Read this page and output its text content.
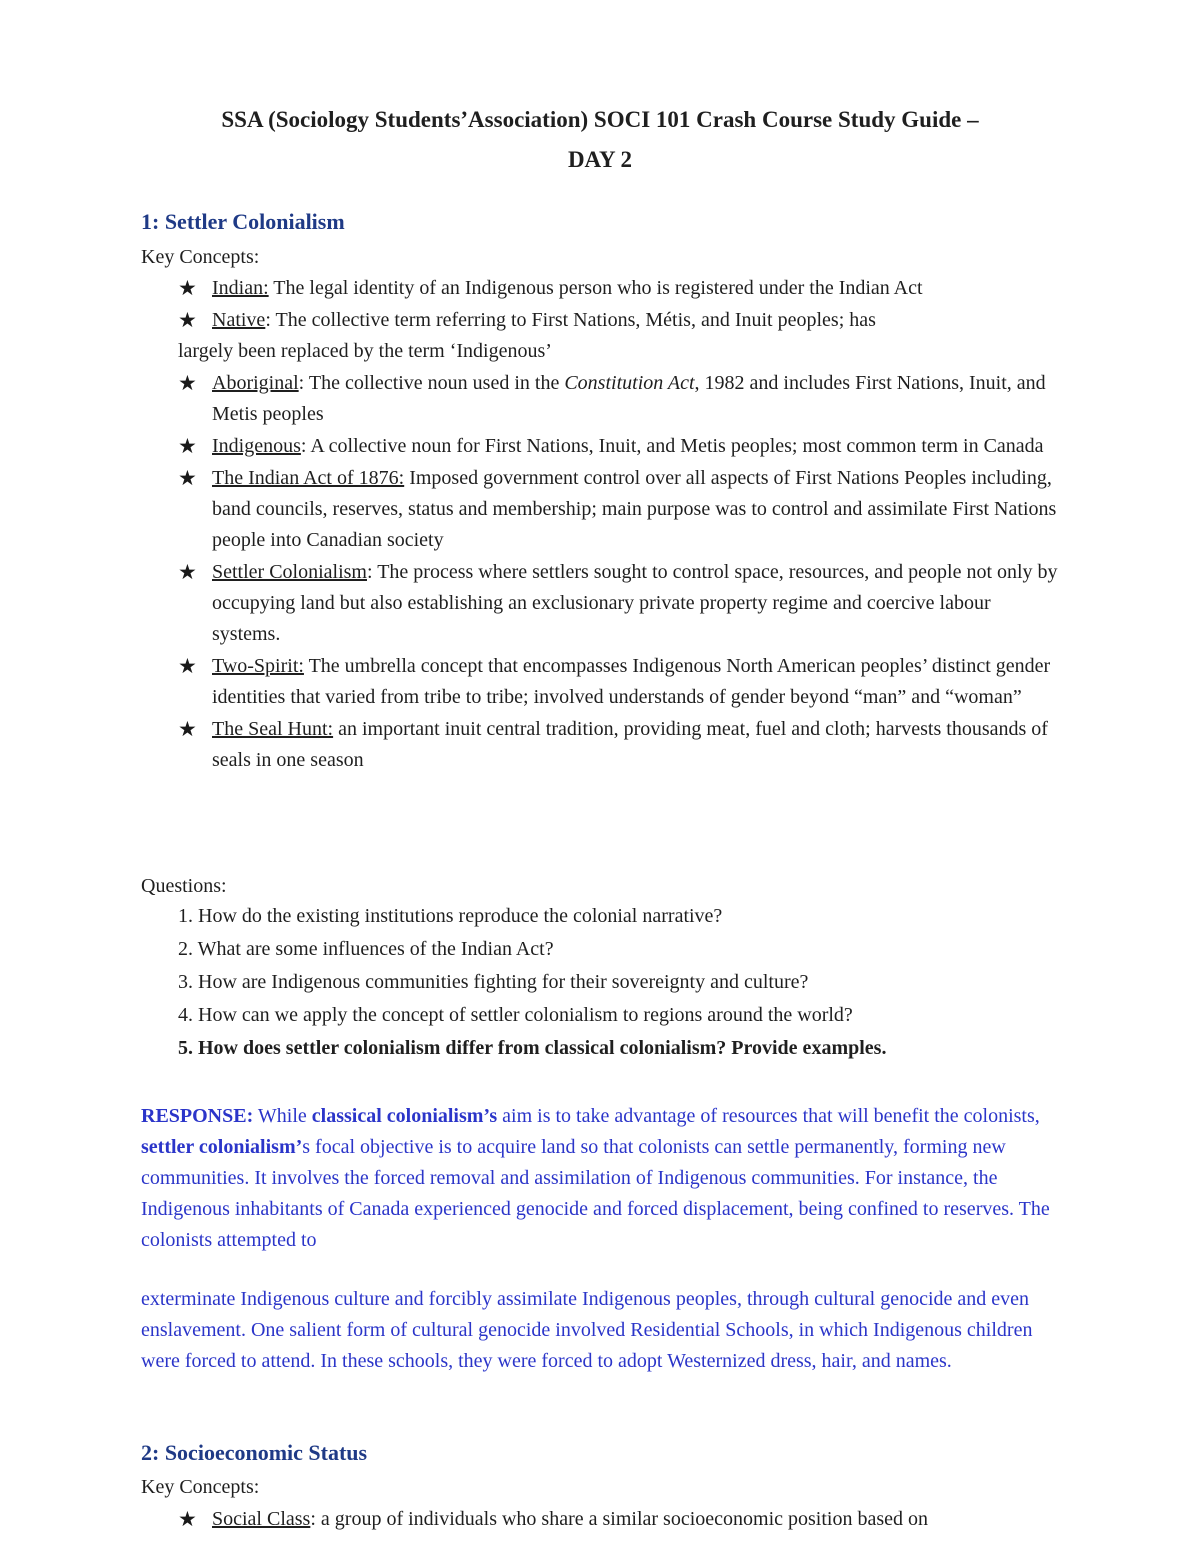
SSA (Sociology Students’Association) SOCI 101 Crash Course Study Guide –
DAY 2
1: Settler Colonialism

Key Concepts:

★ Indian: The legal identity of an Indigenous person who is registered under the Indian Act
★ Native: The collective term referring to First Nations, Métis, and Inuit peoples; has
largely been replaced by the term ‘Indigenous’
★ Aboriginal: The collective noun used in the Constitution Act, 1982 and includes First Nations, Inuit, and Metis peoples
★ Indigenous: A collective noun for First Nations, Inuit, and Metis peoples; most common term in Canada
★ The Indian Act of 1876: Imposed government control over all aspects of First Nations Peoples including, band councils, reserves, status and membership; main purpose was to control and assimilate First Nations people into Canadian society
★ Settler Colonialism: The process where settlers sought to control space, resources, and people not only by occupying land but also establishing an exclusionary private property regime and coercive labour systems.
★ Two-Spirit: The umbrella concept that encompasses Indigenous North American peoples’ distinct gender identities that varied from tribe to tribe; involved understands of gender beyond “man” and “woman”
★ The Seal Hunt: an important inuit central tradition, providing meat, fuel and cloth; harvests thousands of seals in one season

Questions:

1. How do the existing institutions reproduce the colonial narrative?
2. What are some influences of the Indian Act?
3. How are Indigenous communities fighting for their sovereignty and culture?
4. How can we apply the concept of settler colonialism to regions around the world?
5. How does settler colonialism differ from classical colonialism? Provide examples.

RESPONSE: While classical colonialism’s aim is to take advantage of resources that will benefit the colonists, settler colonialism’s focal objective is to acquire land so that colonists can settle permanently, forming new communities. It involves the forced removal and assimilation of Indigenous communities. For instance, the Indigenous inhabitants of Canada experienced genocide and forced displacement, being confined to reserves. The colonists attempted to

exterminate Indigenous culture and forcibly assimilate Indigenous peoples, through cultural genocide and even enslavement. One salient form of cultural genocide involved Residential Schools, in which Indigenous children were forced to attend. In these schools, they were forced to adopt Westernized dress, hair, and names.

2: Socioeconomic Status

Key Concepts:

★ Social Class: a group of individuals who share a similar socioeconomic position based on
